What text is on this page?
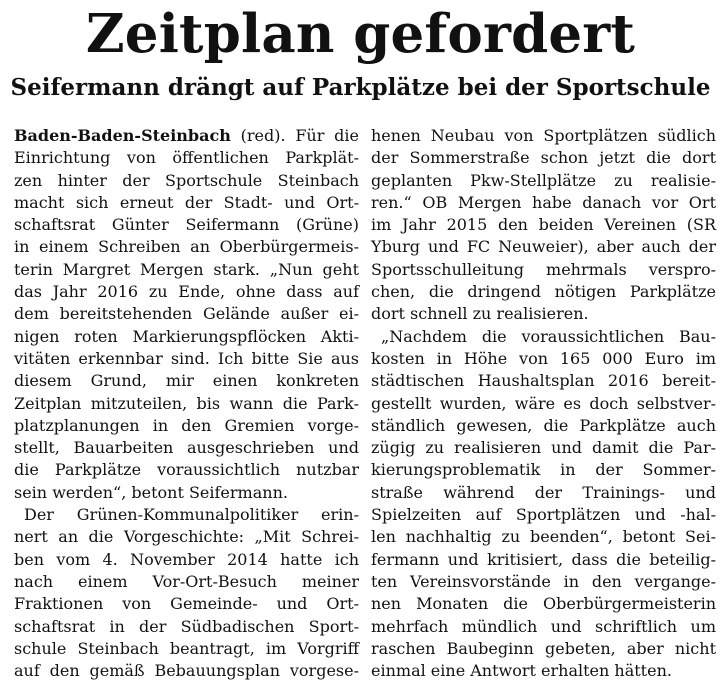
Zeitplan gefordert
Seifermann drängt auf Parkplätze bei der Sportschule
Baden-Baden-Steinbach (red). Für die
Einrichtung von öffentlichen Parkplät-
zen hinter der Sportschule Steinbach
macht sich erneut der Stadt- und Ort-
schaftsrat Günter Seifermann (Grüne)
in einem Schreiben an Oberbürgermeis-
terin Margret Mergen stark. „Nun geht
das Jahr 2016 zu Ende, ohne dass auf
dem bereitstehenden Gelände außer ei-
nigen roten Markierungspflöcken Akti-
vitäten erkennbar sind. Ich bitte Sie aus
diesem Grund, mir einen konkreten
Zeitplan mitzuteilen, bis wann die Park-
platzplanungen in den Gremien vorge-
stellt, Bauarbeiten ausgeschrieben und
die Parkplätze voraussichtlich nutzbar
sein werden“, betont Seifermann.
Der Grünen-Kommunalpolitiker erin-
nert an die Vorgeschichte: „Mit Schrei-
ben vom 4. November 2014 hatte ich
nach einem Vor-Ort-Besuch meiner
Fraktionen von Gemeinde- und Ort-
schaftsrat in der Südbadischen Sport-
schule Steinbach beantragt, im Vorgriff
auf den gemäß Bebauungsplan vorgese-
henen Neubau von Sportplätzen südlich
der Sommerstraße schon jetzt die dort
geplanten Pkw-Stellplätze zu realisie-
ren.“ OB Mergen habe danach vor Ort
im Jahr 2015 den beiden Vereinen (SR
Yburg und FC Neuweier), aber auch der
Sportsschulleitung mehrmals verspro-
chen, die dringend nötigen Parkplätze
dort schnell zu realisieren.
„Nachdem die voraussichtlichen Bau-
kosten in Höhe von 165 000 Euro im
städtischen Haushaltsplan 2016 bereit-
gestellt wurden, wäre es doch selbstver-
ständlich gewesen, die Parkplätze auch
zügig zu realisieren und damit die Par-
kierungsproblematik in der Sommer-
straße während der Trainings- und
Spielzeiten auf Sportplätzen und -hal-
len nachhaltig zu beenden“, betont Sei-
fermann und kritisiert, dass die beteilig-
ten Vereinsvorstände in den vergange-
nen Monaten die Oberbürgermeisterin
mehrfach mündlich und schriftlich um
raschen Baubeginn gebeten, aber nicht
einmal eine Antwort erhalten hätten.
